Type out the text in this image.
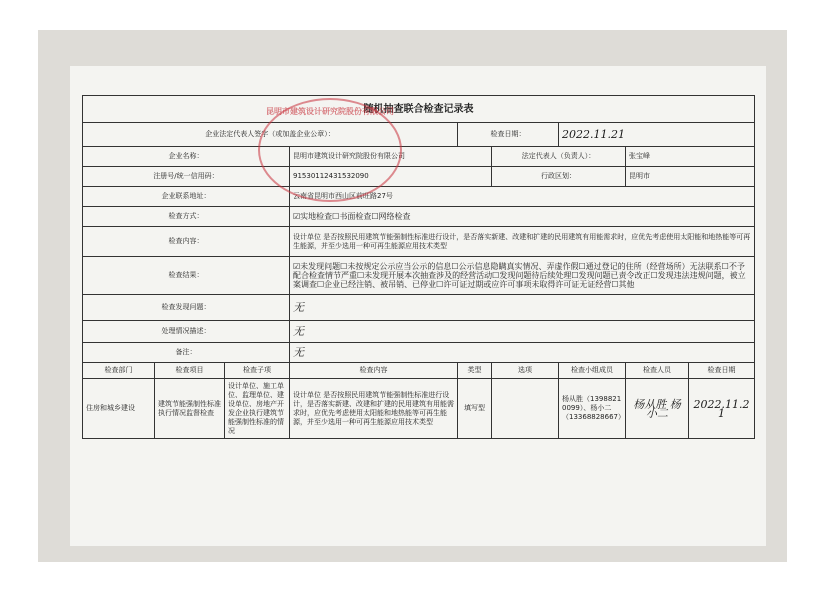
随机抽查联合检查记录表								
企业法定代表人签字（或加盖企业公章）：				检查日期：		2022.11.21		
企业名称：			昆明市建筑设计研究院股份有限公司		法定代表人（负责人）：		张宝峰	
注册号/统一信用码：			91530112431532090		行政区划：		昆明市	
企业联系地址：			云南省昆明市西山区前旺路27号					
检查方式：			☑实地检查☐书面检查☐网络检查					
检查内容：			设计单位 是否按照民用建筑节能强制性标准进行设计，是否落实新建、改建和扩建的民用建筑有用能需求时，应优先考虑使用太阳能和地热能等可再生能源，并至少选用一种可再生能源应用技术类型					
检查结果：			☑未发现问题☐未按规定公示应当公示的信息☐公示信息隐瞒真实情况、弄虚作假☐通过登记的住所（经营场所）无法联系☐不予配合检查情节严重☐未发现开展本次抽查涉及的经营活动☐发现问题待后续处理☐发现问题已责令改正☐发现违法违规问题，被立案调查☐企业已经注销、被吊销、已停业☐许可证过期或应许可事项未取得许可证无证经营☐其他					
检查发现问题：			无					
处理情况描述：			无					
备注：			无					
检查部门	检查项目	检查子项	检查内容	类型	选项	检查小组成员	检查人员	检查日期
住房和城乡建设	建筑节能强制性标准执行情况监督检查	设计单位、施工单位、监理单位、建设单位、房地产开发企业执行建筑节能强制性标准的情况	设计单位 是否按照民用建筑节能强制性标准进行设计，是否落实新建、改建和扩建的民用建筑有用能需求时，应优先考虑使用太阳能和地热能等可再生能源，并至少选用一种可再生能源应用技术类型	填写型		杨从胜（13988210099）、杨小二（13368828667）	杨从胜 杨小二	2022.11.21
昆明市建筑设计研究院股份有限公司
